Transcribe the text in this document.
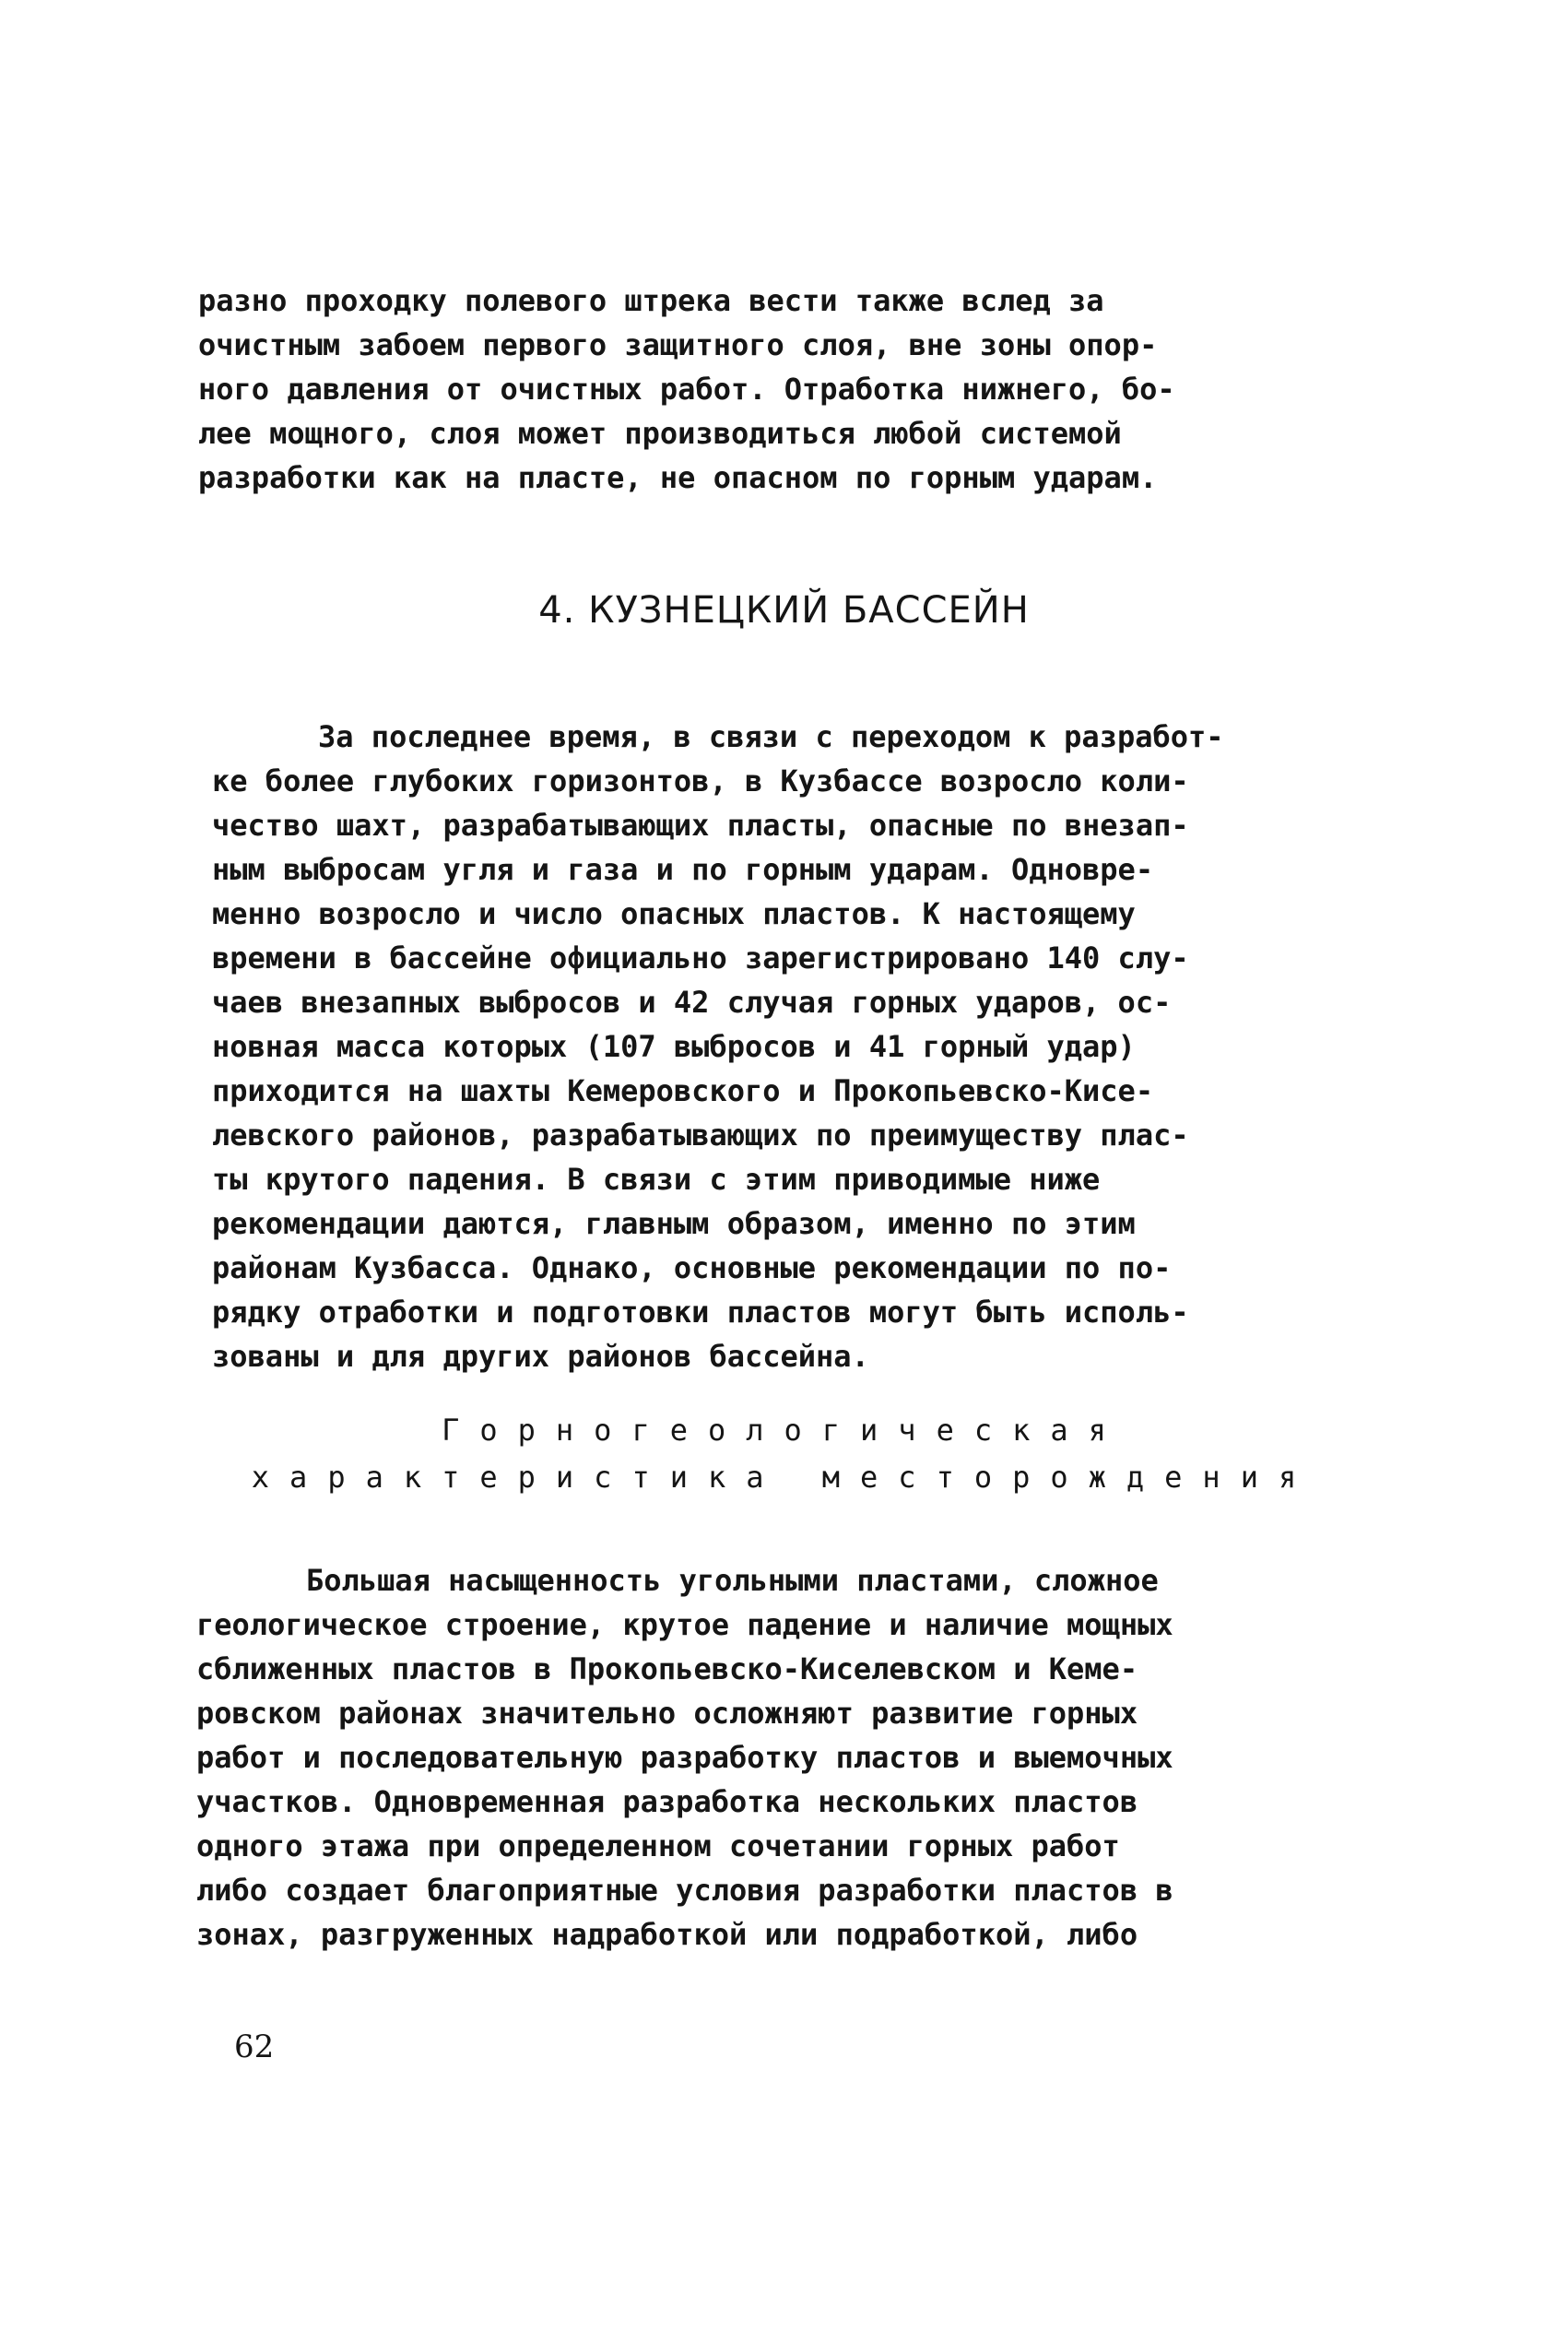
разно проходку полевого штрека вести также вслед за
очистным забоем первого защитного слоя, вне зоны опор-
ного давления от очистных работ. Отработка нижнего, бо-
лее мощного, слоя может производиться любой системой
разработки как на пласте, не опасном по горным ударам.
4. КУЗНЕЦКИЙ БАССЕЙН
За последнее время, в связи с переходом к разработ-
ке более глубоких горизонтов, в Кузбассе возросло коли-
чество шахт, разрабатывающих пласты, опасные по внезап-
ным выбросам угля и газа и по горным ударам. Одновре-
менно возросло и число опасных пластов. К настоящему
времени в бассейне официально зарегистрировано 140 слу-
чаев внезапных выбросов и 42 случая горных ударов, ос-
новная масса которых (107 выбросов и 41 горный удар)
приходится на шахты Кемеровского и Прокопьевско-Кисе-
левского районов, разрабатывающих по преимуществу плас-
ты крутого падения. В связи с этим приводимые ниже
рекомендации даются, главным образом, именно по этим
районам Кузбасса. Однако, основные рекомендации по по-
рядку отработки и подготовки пластов могут быть исполь-
зованы и для других районов бассейна.
Горногеологическая
характеристика месторождения
Большая насыщенность угольными пластами, сложное
геологическое строение, крутое падение и наличие мощных
сближенных пластов в Прокопьевско-Киселевском и Кеме-
ровском районах значительно осложняют развитие горных
работ и последовательную разработку пластов и выемочных
участков. Одновременная разработка нескольких пластов
одного этажа при определенном сочетании горных работ
либо создает благоприятные условия разработки пластов в
зонах, разгруженных надработкой или подработкой, либо
62
